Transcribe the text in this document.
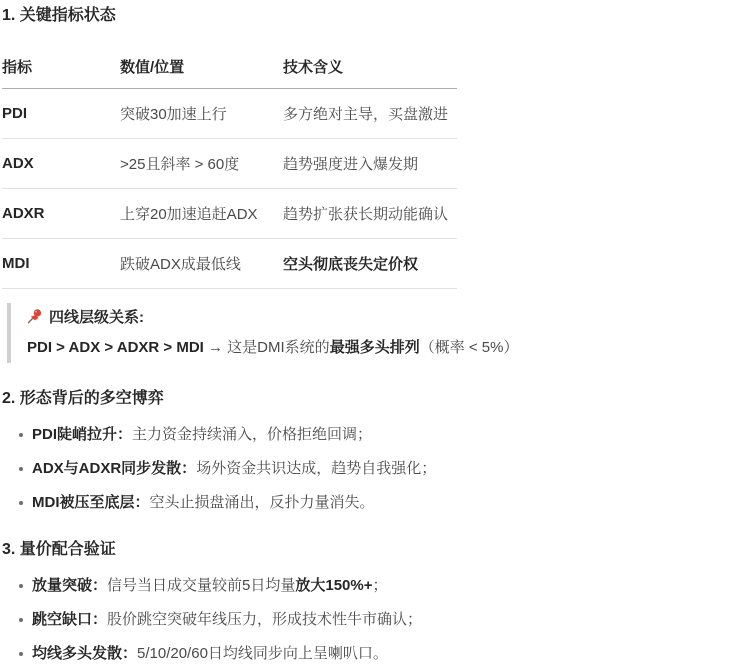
1. 关键指标状态
指标	数值/位置	技术含义
PDI	突破30加速上行	多方绝对主导，买盘激进
ADX	>25且斜率 > 60度	趋势强度进入爆发期
ADXR	上穿20加速追赶ADX	趋势扩张获长期动能确认
MDI	跌破ADX成最低线	空头彻底丧失定价权

四线层级关系:

PDI > ADX > ADXR > MDI → 这是DMI系统的最强多头排列（概率 < 5%）

2. 形态背后的多空博弈
PDI陡峭拉升：主力资金持续涌入，价格拒绝回调；
ADX与ADXR同步发散：场外资金共识达成，趋势自我强化；
MDI被压至底层：空头止损盘涌出，反扑力量消失。
3. 量价配合验证
放量突破：信号当日成交量较前5日均量放大150%+；
跳空缺口：股价跳空突破年线压力，形成技术性牛市确认；
均线多头发散：5/10/20/60日均线同步向上呈喇叭口。
